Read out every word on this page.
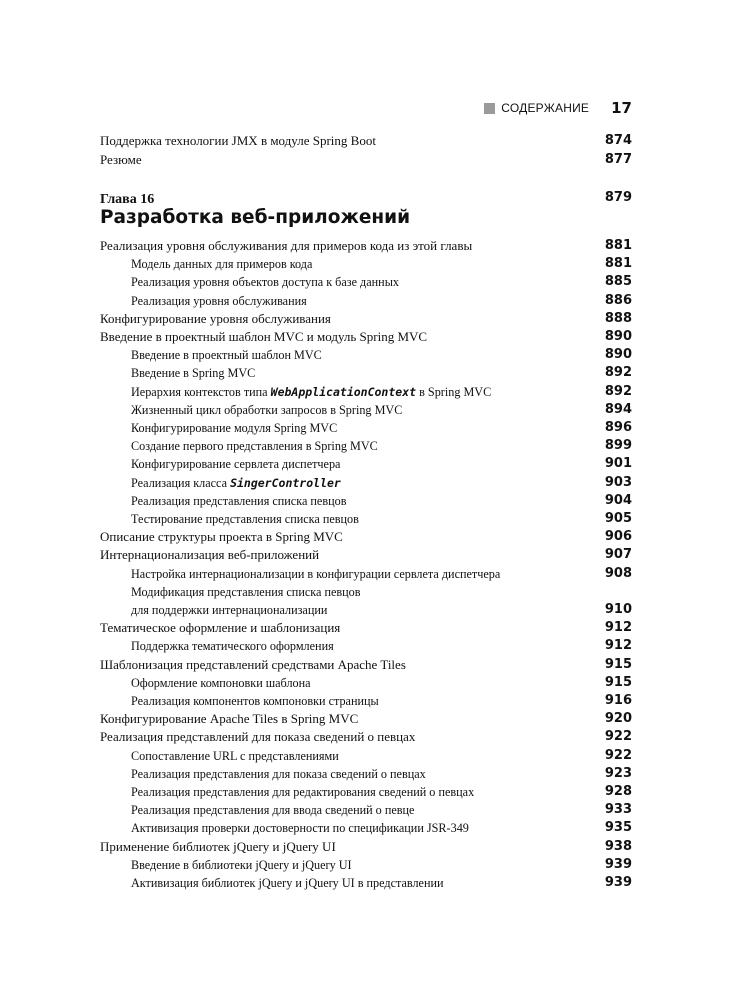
СОДЕРЖАНИЕ 17
Поддержка технологии JMX в модуле Spring Boot	874
Резюме	877
Глава 16	879
Разработка веб-приложений
Реализация уровня обслуживания для примеров кода из этой главы	881
Модель данных для примеров кода	881
Реализация уровня объектов доступа к базе данных	885
Реализация уровня обслуживания	886
Конфигурирование уровня обслуживания	888
Введение в проектный шаблон MVC и модуль Spring MVC	890
Введение в проектный шаблон MVC	890
Введение в Spring MVC	892
Иерархия контекстов типа WebApplicationContext в Spring MVC	892
Жизненный цикл обработки запросов в Spring MVC	894
Конфигурирование модуля Spring MVC	896
Создание первого представления в Spring MVC	899
Конфигурирование сервлета диспетчера	901
Реализация класса SingerController	903
Реализация представления списка певцов	904
Тестирование представления списка певцов	905
Описание структуры проекта в Spring MVC	906
Интернационализация веб-приложений	907
Настройка интернационализации в конфигурации сервлета диспетчера	908
Модификация представления списка певцов
для поддержки интернационализации	910
Тематическое оформление и шаблонизация	912
Поддержка тематического оформления	912
Шаблонизация представлений средствами Apache Tiles	915
Оформление компоновки шаблона	915
Реализация компонентов компоновки страницы	916
Конфигурирование Apache Tiles в Spring MVC	920
Реализация представлений для показа сведений о певцах	922
Сопоставление URL с представлениями	922
Реализация представления для показа сведений о певцах	923
Реализация представления для редактирования сведений о певцах	928
Реализация представления для ввода сведений о певце	933
Активизация проверки достоверности по спецификации JSR-349	935
Применение библиотек jQuery и jQuery UI	938
Введение в библиотеки jQuery и jQuery UI	939
Активизация библиотек jQuery и jQuery UI в представлении	939
